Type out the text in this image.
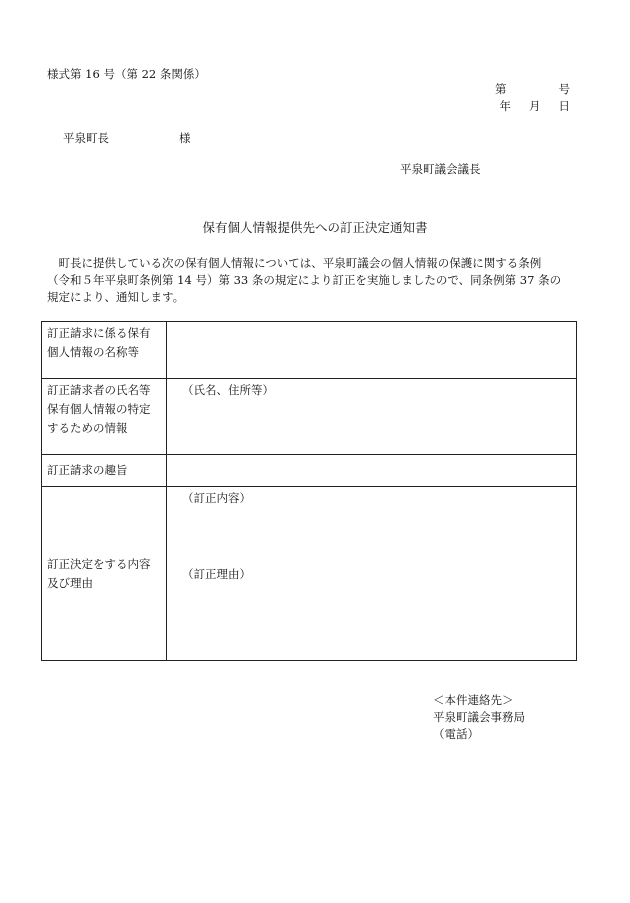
様式第 16 号（第 22 条関係）
第	号
年 月 日
平泉町長	様
平泉町議会議長
保有個人情報提供先への訂正決定通知書

　町長に提供している次の保有個人情報については、平泉町議会の個人情報の保護に関する条例

（令和５年平泉町条例第 14 号）第 33 条の規定により訂正を実施しましたので、同条例第 37 条の

規定により、通知します。

訂正請求に係る保有個人情報の名称等	
訂正請求者の氏名等保有個人情報の特定するための情報	（氏名、住所等）

訂正請求の趣旨	
訂正決定をする内容及び理由	（訂正内容）
（訂正理由）
＜本件連絡先＞
平泉町議会事務局
（電話）
